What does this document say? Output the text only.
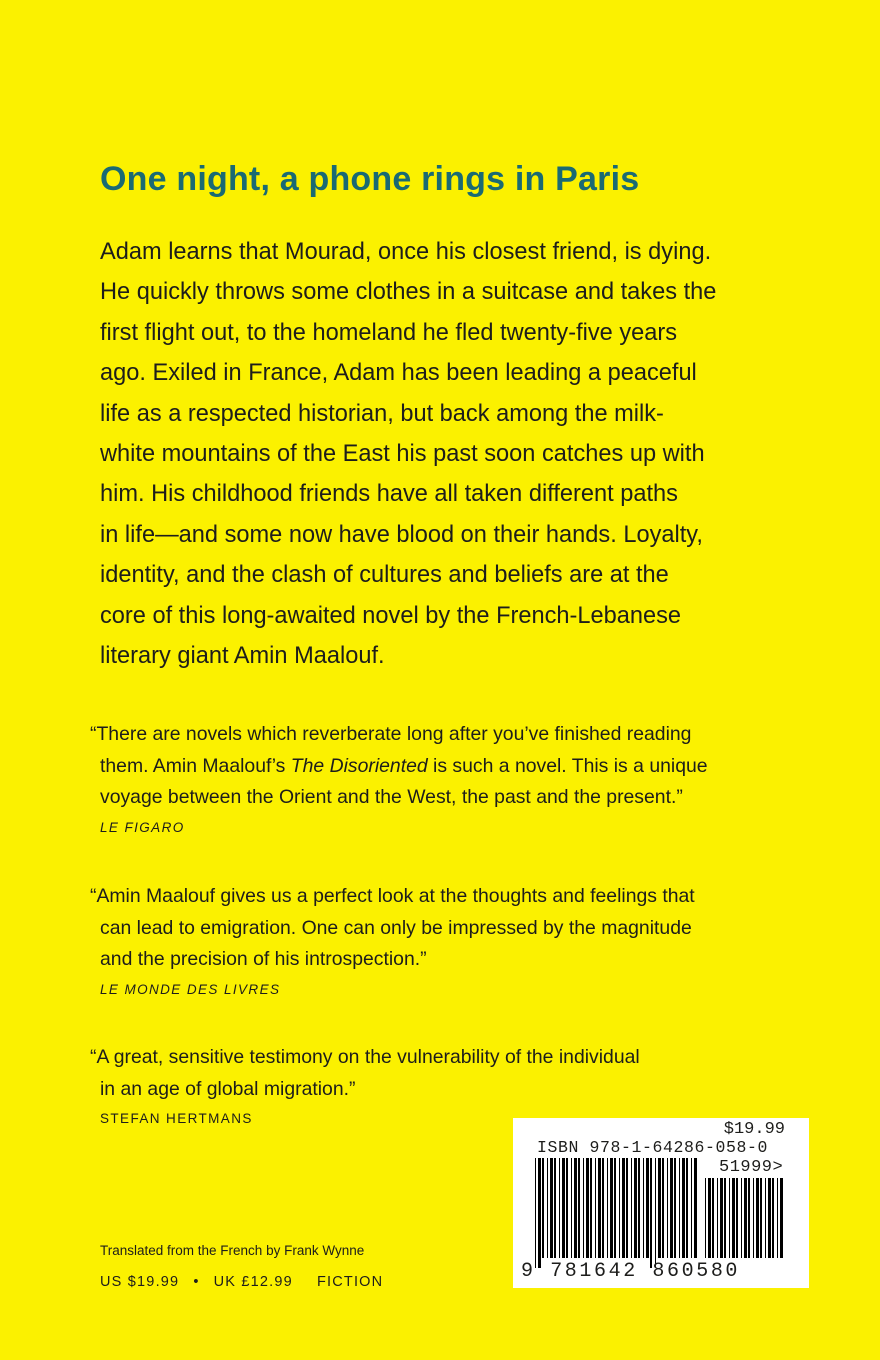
One night, a phone rings in Paris
Adam learns that Mourad, once his closest friend, is dying.
He quickly throws some clothes in a suitcase and takes the
first flight out, to the homeland he fled twenty-five years
ago. Exiled in France, Adam has been leading a peaceful
life as a respected historian, but back among the milk-
white mountains of the East his past soon catches up with
him. His childhood friends have all taken different paths
in life—and some now have blood on their hands. Loyalty,
identity, and the clash of cultures and beliefs are at the
core of this long-awaited novel by the French-Lebanese
literary giant Amin Maalouf.
“There are novels which reverberate long after you’ve finished reading
them. Amin Maalouf’s The Disoriented is such a novel. This is a unique
voyage between the Orient and the West, the past and the present.”
LE FIGARO
“Amin Maalouf gives us a perfect look at the thoughts and feelings that
can lead to emigration. One can only be impressed by the magnitude
and the precision of his introspection.”
LE MONDE DES LIVRES
“A great, sensitive testimony on the vulnerability of the individual
in an age of global migration.”
STEFAN HERTMANS
Translated from the French by Frank Wynne
US $19.99 • UK £12.99 FICTION
$19.99
ISBN 978-1-64286-058-0
51999>
9 781642 860580
